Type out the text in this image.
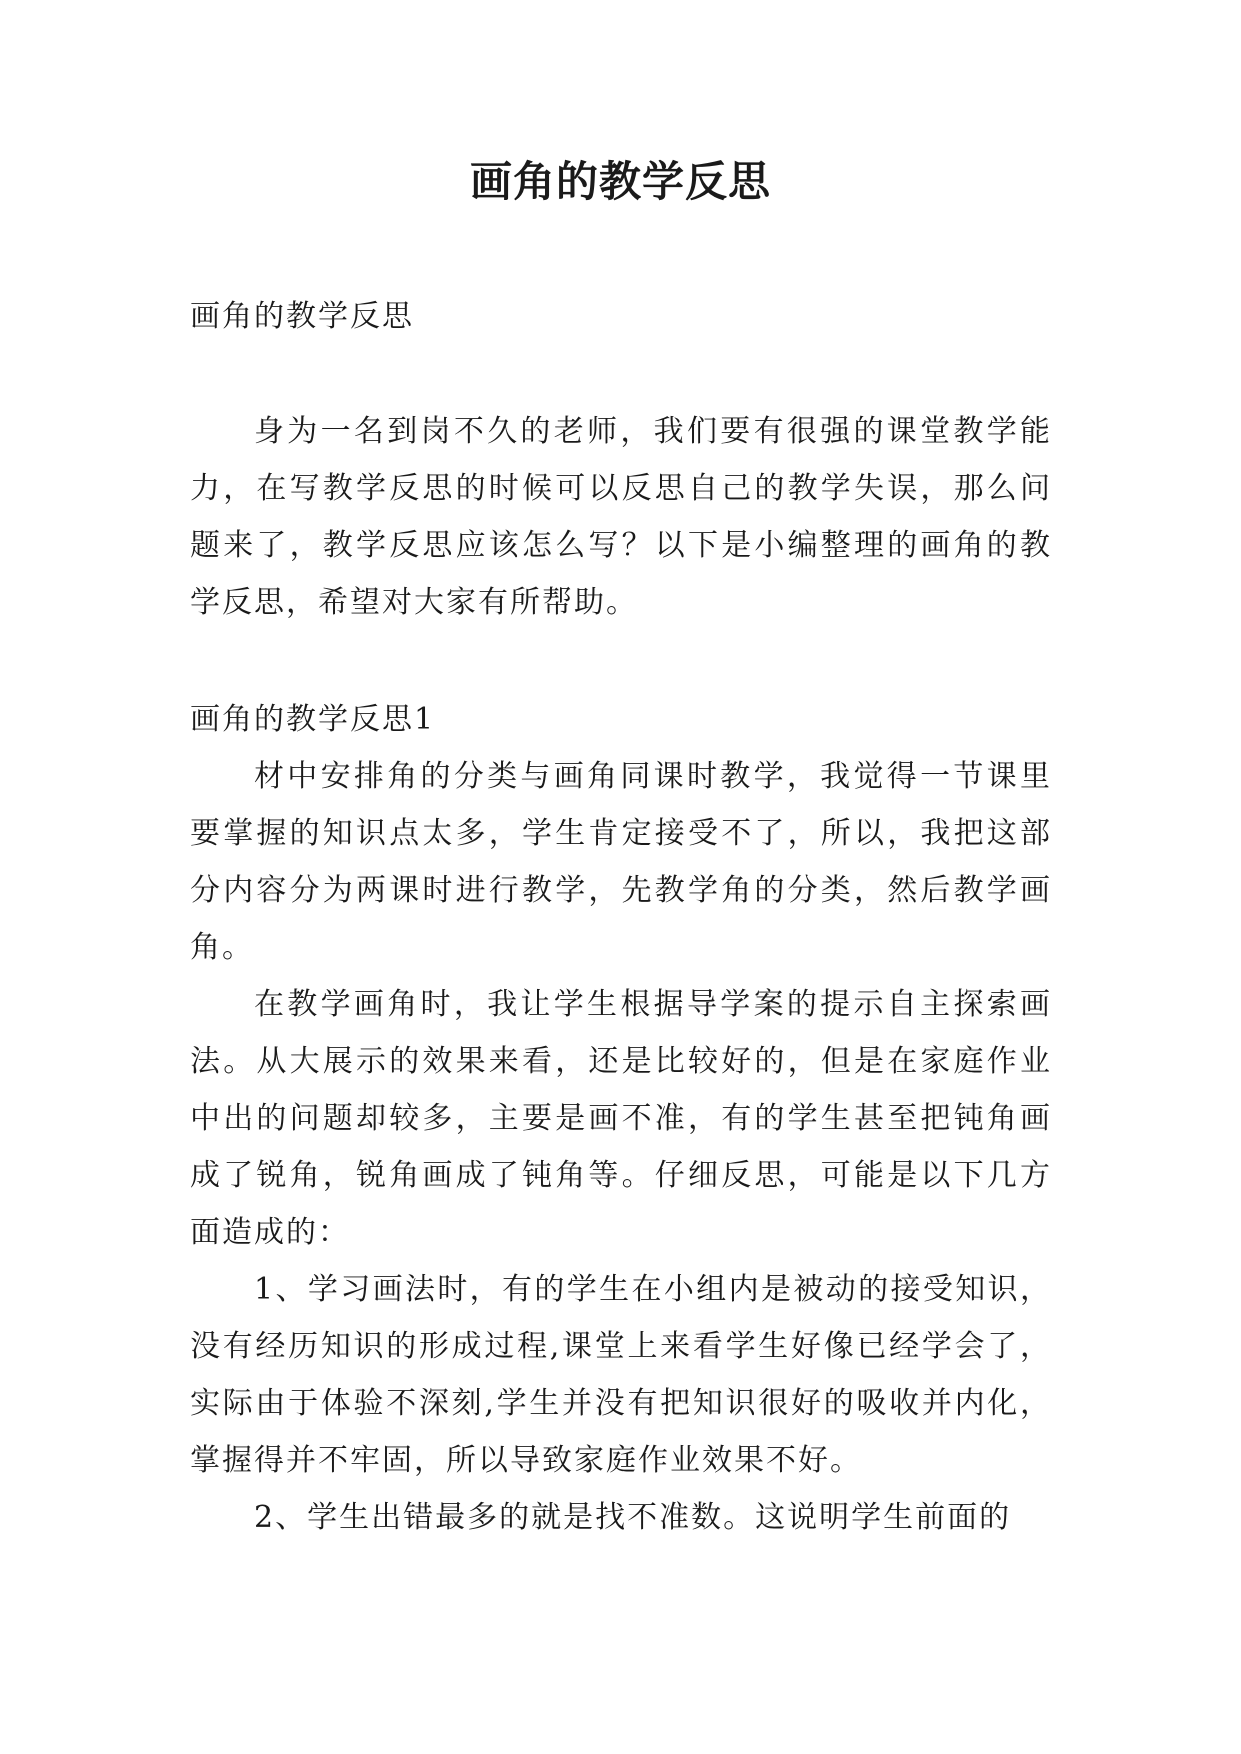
画角的教学反思

画角的教学反思

身为一名到岗不久的老师，我们要有很强的课堂教学能力，在写教学反思的时候可以反思自己的教学失误，那么问题来了，教学反思应该怎么写？以下是小编整理的画角的教学反思，希望对大家有所帮助。

画角的教学反思1

材中安排角的分类与画角同课时教学，我觉得一节课里要掌握的知识点太多，学生肯定接受不了，所以，我把这部分内容分为两课时进行教学，先教学角的分类，然后教学画角。

在教学画角时，我让学生根据导学案的提示自主探索画法。从大展示的效果来看，还是比较好的，但是在家庭作业中出的问题却较多，主要是画不准，有的学生甚至把钝角画成了锐角，锐角画成了钝角等。仔细反思，可能是以下几方面造成的：

1、学习画法时，有的学生在小组内是被动的接受知识，没有经历知识的形成过程,课堂上来看学生好像已经学会了，实际由于体验不深刻,学生并没有把知识很好的吸收并内化，掌握得并不牢固，所以导致家庭作业效果不好。

2、学生出错最多的就是找不准数。这说明学生前面的
